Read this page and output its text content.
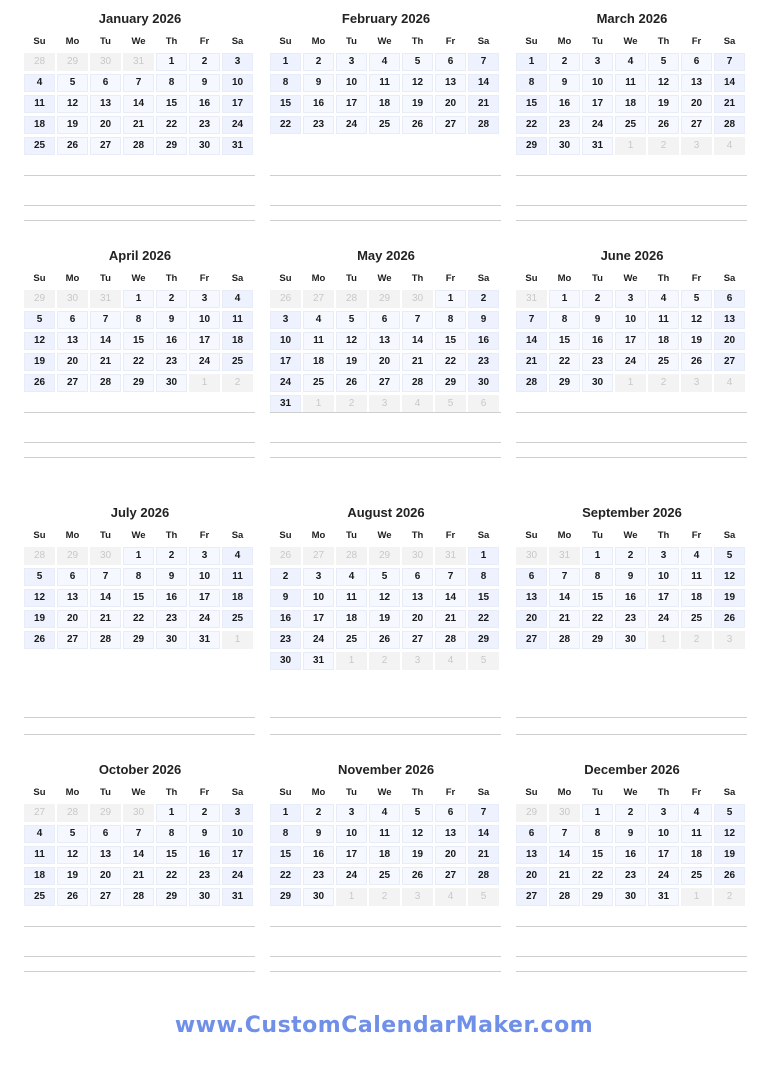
January 2026
Su	Mo	Tu	We	Th	Fr	Sa
28	29	30	31	1	2	3
4	5	6	7	8	9	10
11	12	13	14	15	16	17
18	19	20	21	22	23	24
25	26	27	28	29	30	31
February 2026
Su	Mo	Tu	We	Th	Fr	Sa
1	2	3	4	5	6	7
8	9	10	11	12	13	14
15	16	17	18	19	20	21
22	23	24	25	26	27	28
March 2026
Su	Mo	Tu	We	Th	Fr	Sa
1	2	3	4	5	6	7
8	9	10	11	12	13	14
15	16	17	18	19	20	21
22	23	24	25	26	27	28
29	30	31	1	2	3	4
April 2026
Su	Mo	Tu	We	Th	Fr	Sa
29	30	31	1	2	3	4
5	6	7	8	9	10	11
12	13	14	15	16	17	18
19	20	21	22	23	24	25
26	27	28	29	30	1	2
May 2026
Su	Mo	Tu	We	Th	Fr	Sa
26	27	28	29	30	1	2
3	4	5	6	7	8	9
10	11	12	13	14	15	16
17	18	19	20	21	22	23
24	25	26	27	28	29	30
31	1	2	3	4	5	6
June 2026
Su	Mo	Tu	We	Th	Fr	Sa
31	1	2	3	4	5	6
7	8	9	10	11	12	13
14	15	16	17	18	19	20
21	22	23	24	25	26	27
28	29	30	1	2	3	4
July 2026
Su	Mo	Tu	We	Th	Fr	Sa
28	29	30	1	2	3	4
5	6	7	8	9	10	11
12	13	14	15	16	17	18
19	20	21	22	23	24	25
26	27	28	29	30	31	1
August 2026
Su	Mo	Tu	We	Th	Fr	Sa
26	27	28	29	30	31	1
2	3	4	5	6	7	8
9	10	11	12	13	14	15
16	17	18	19	20	21	22
23	24	25	26	27	28	29
30	31	1	2	3	4	5
September 2026
Su	Mo	Tu	We	Th	Fr	Sa
30	31	1	2	3	4	5
6	7	8	9	10	11	12
13	14	15	16	17	18	19
20	21	22	23	24	25	26
27	28	29	30	1	2	3
October 2026
Su	Mo	Tu	We	Th	Fr	Sa
27	28	29	30	1	2	3
4	5	6	7	8	9	10
11	12	13	14	15	16	17
18	19	20	21	22	23	24
25	26	27	28	29	30	31
November 2026
Su	Mo	Tu	We	Th	Fr	Sa
1	2	3	4	5	6	7
8	9	10	11	12	13	14
15	16	17	18	19	20	21
22	23	24	25	26	27	28
29	30	1	2	3	4	5
December 2026
Su	Mo	Tu	We	Th	Fr	Sa
29	30	1	2	3	4	5
6	7	8	9	10	11	12
13	14	15	16	17	18	19
20	21	22	23	24	25	26
27	28	29	30	31	1	2
www.CustomCalendarMaker.com
